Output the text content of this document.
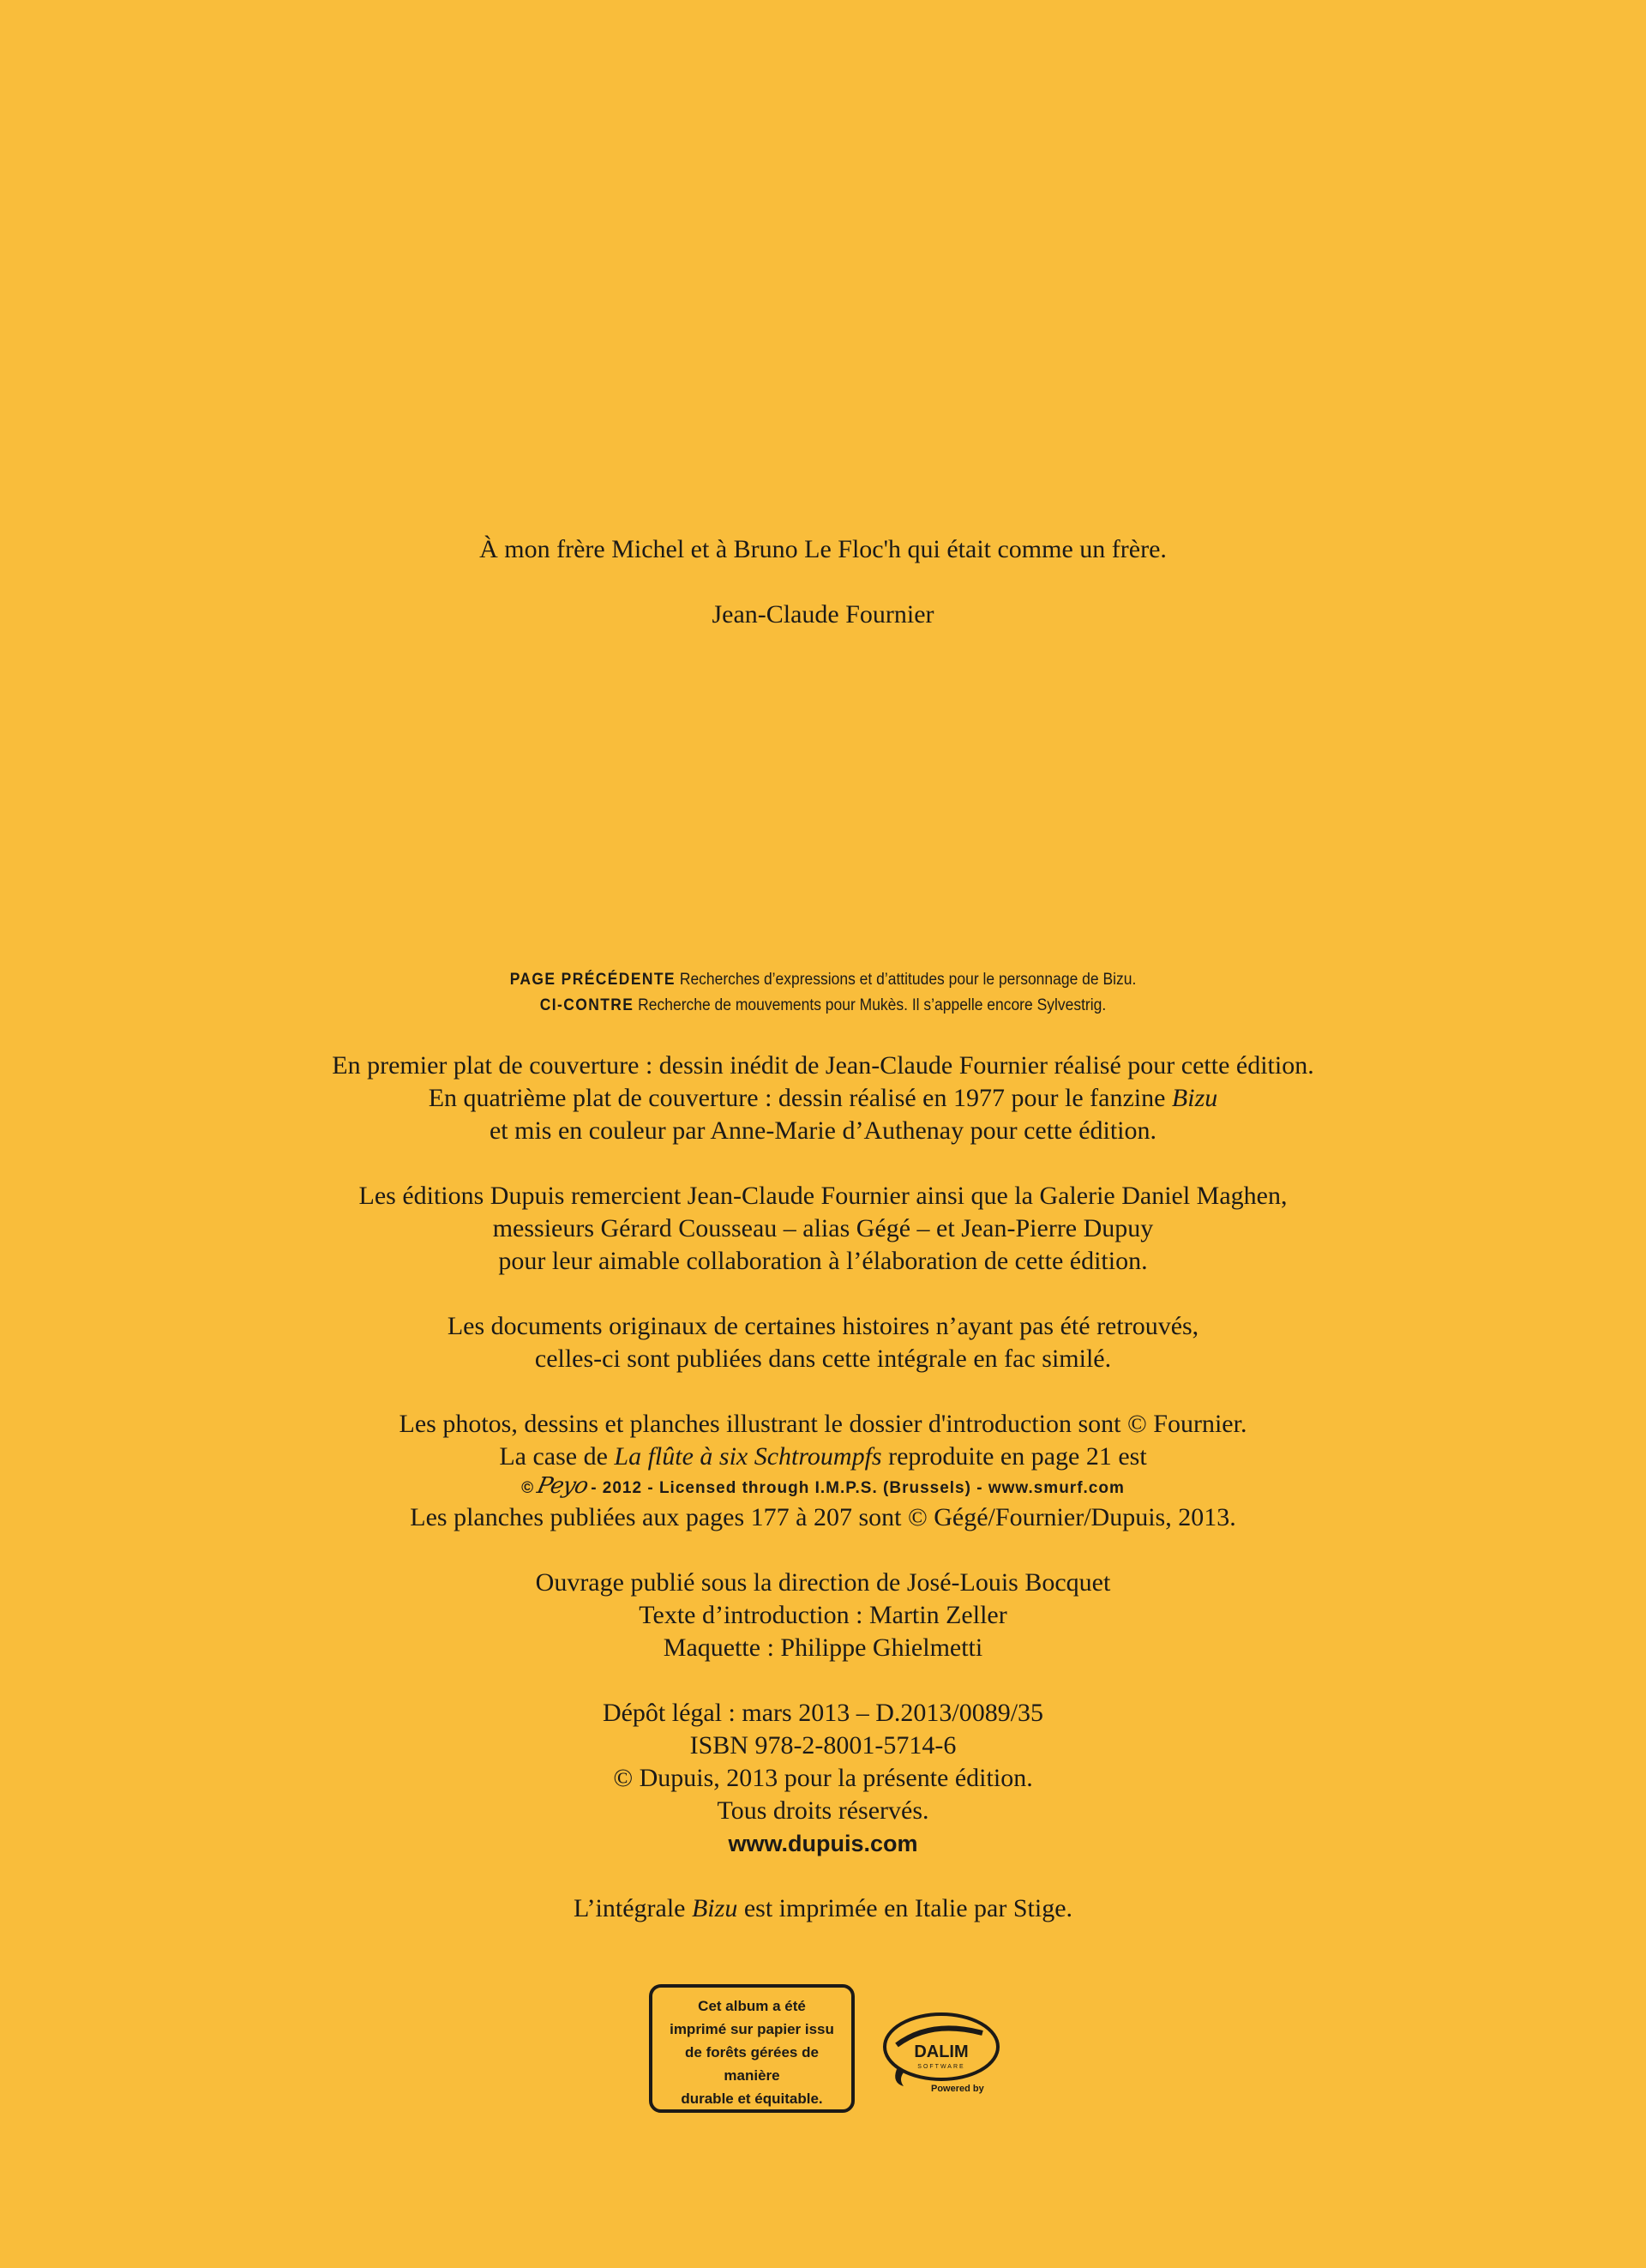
À mon frère Michel et à Bruno Le Floc'h qui était comme un frère.

Jean-Claude Fournier

PAGE PRÉCÉDENTE Recherches d’expressions et d’attitudes pour le personnage de Bizu.
CI-CONTRE Recherche de mouvements pour Mukès. Il s’appelle encore Sylvestrig.
En premier plat de couverture : dessin inédit de Jean-Claude Fournier réalisé pour cette édition.
En quatrième plat de couverture : dessin réalisé en 1977 pour le fanzine Bizu
et mis en couleur par Anne-Marie d’Authenay pour cette édition.
Les éditions Dupuis remercient Jean-Claude Fournier ainsi que la Galerie Daniel Maghen,
messieurs Gérard Cousseau – alias Gégé – et Jean-Pierre Dupuy
pour leur aimable collaboration à l’élaboration de cette édition.
Les documents originaux de certaines histoires n’ayant pas été retrouvés,
celles-ci sont publiées dans cette intégrale en fac similé.
Les photos, dessins et planches illustrant le dossier d'introduction sont © Fournier.
La case de La flûte à six Schtroumpfs reproduite en page 21 est
©Peyo- 2012 - Licensed through I.M.P.S. (Brussels) - www.smurf.com
Les planches publiées aux pages 177 à 207 sont © Gégé/Fournier/Dupuis, 2013.
Ouvrage publié sous la direction de José-Louis Bocquet
Texte d’introduction : Martin Zeller
Maquette : Philippe Ghielmetti
Dépôt légal : mars 2013 – D.2013/0089/35
ISBN 978-2-8001-5714-6
© Dupuis, 2013 pour la présente édition.
Tous droits réservés.
www.dupuis.com
L’intégrale Bizu est imprimée en Italie par Stige.
Cet album a été
imprimé sur papier issu
de forêts gérées de
manière
durable et équitable.
DALIM
SOFTWARE
Powered by
